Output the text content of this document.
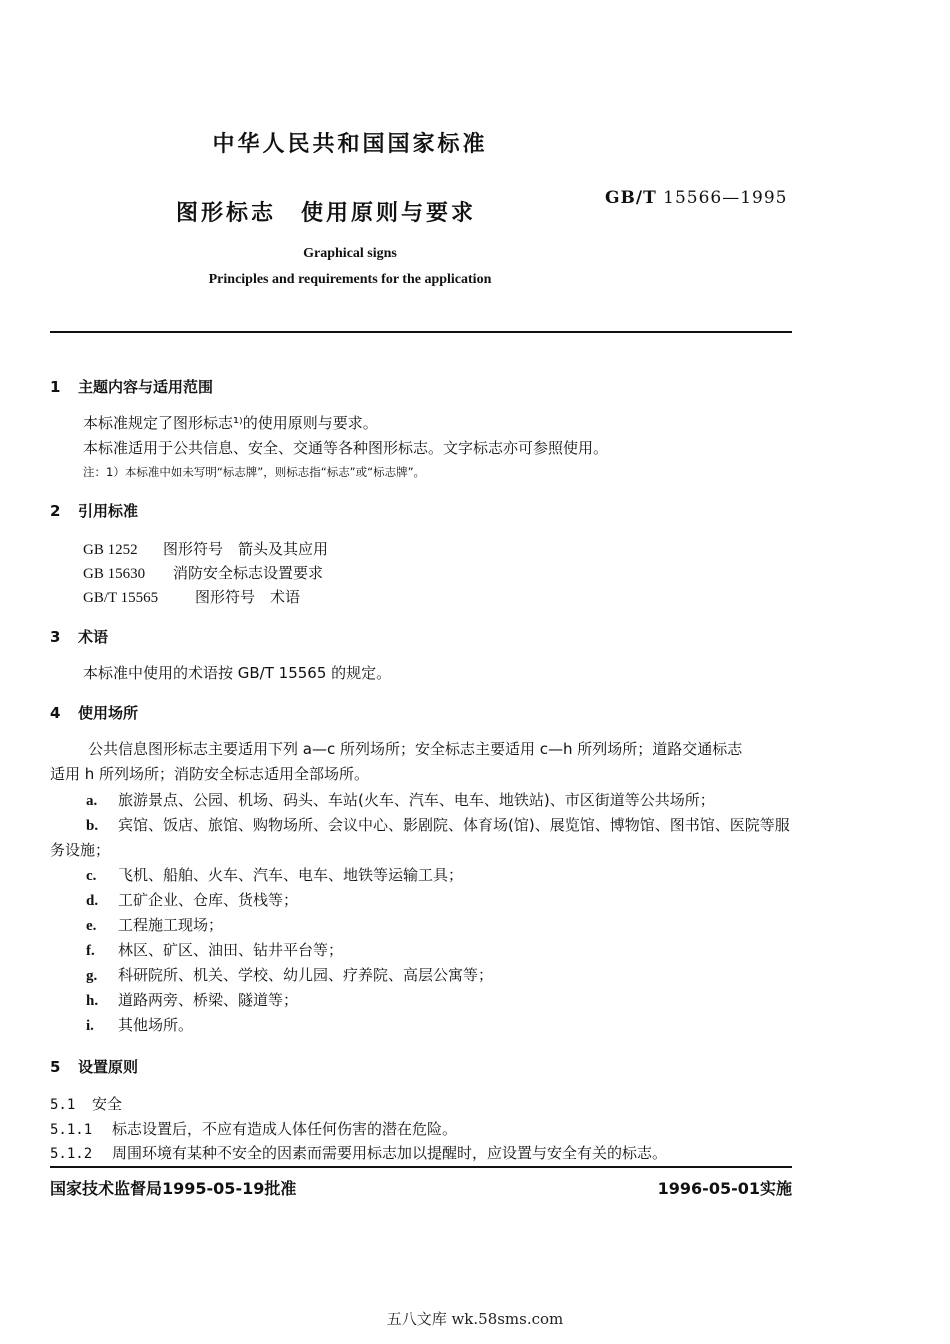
中华人民共和国国家标准
图形标志　使用原则与要求
GB/T 15566—1995
Graphical signs
Principles and requirements for the application
1 主题内容与适用范围
本标准规定了图形标志¹⁾的使用原则与要求。
本标准适用于公共信息、安全、交通等各种图形标志。文字标志亦可参照使用。
注：1）本标准中如未写明“标志牌”，则标志指“标志”或“标志牌”。
2 引用标准
GB 1252 图形符号　箭头及其应用
GB 15630 消防安全标志设置要求
GB/T 15565 图形符号　术语
3 术语
本标准中使用的术语按 GB/T 15565 的规定。
4 使用场所
公共信息图形标志主要适用下列 a—c 所列场所；安全标志主要适用 c—h 所列场所；道路交通标志
适用 h 所列场所；消防安全标志适用全部场所。
a. 旅游景点、公园、机场、码头、车站(火车、汽车、电车、地铁站)、市区街道等公共场所；
b. 宾馆、饭店、旅馆、购物场所、会议中心、影剧院、体育场(馆)、展览馆、博物馆、图书馆、医院等服
务设施；
c. 飞机、船舶、火车、汽车、电车、地铁等运输工具；
d. 工矿企业、仓库、货栈等；
e. 工程施工现场；
f. 林区、矿区、油田、钻井平台等；
g. 科研院所、机关、学校、幼儿园、疗养院、高层公寓等；
h. 道路两旁、桥梁、隧道等；
i. 其他场所。
5 设置原则
5.1 安全
5.1.1 标志设置后，不应有造成人体任何伤害的潜在危险。
5.1.2 周围环境有某种不安全的因素而需要用标志加以提醒时，应设置与安全有关的标志。
国家技术监督局1995-05-19批准	1996-05-01实施
五八文库 wk.58sms.com
